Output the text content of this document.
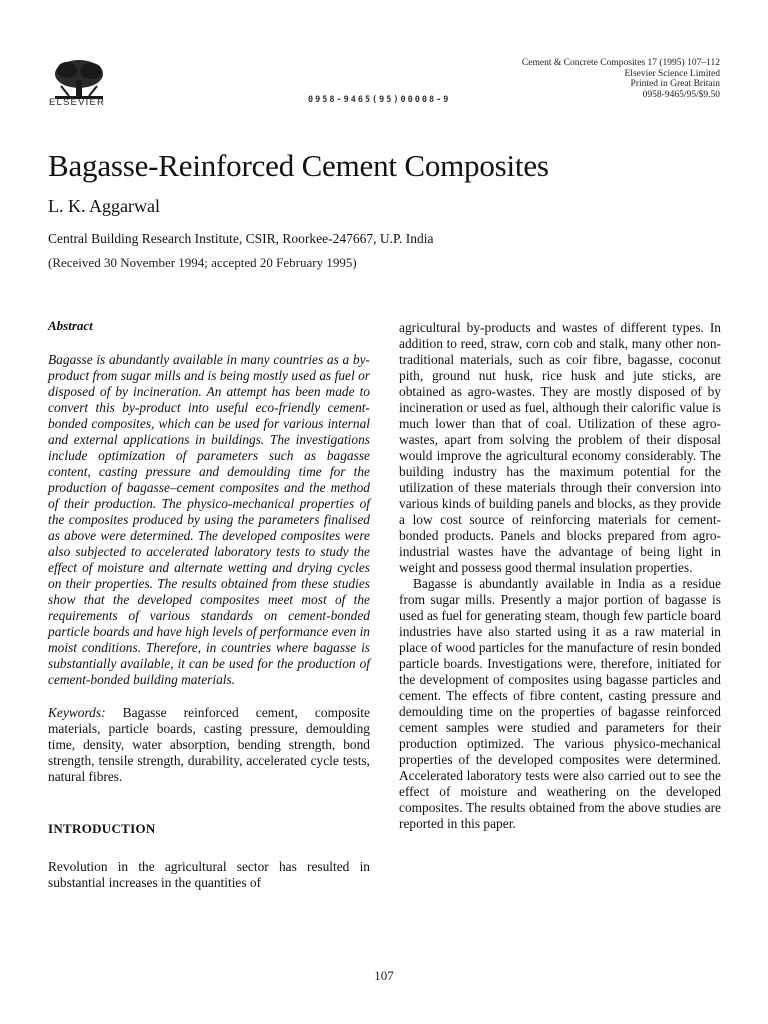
ELSEVIER	0958-9465(95)00008-9
Cement & Concrete Composites 17 (1995) 107–112
Elsevier Science Limited
Printed in Great Britain
0958-9465/95/$9.50
Bagasse-Reinforced Cement Composites
L. K. Aggarwal
Central Building Research Institute, CSIR, Roorkee-247667, U.P. India
(Received 30 November 1994; accepted 20 February 1995)
Abstract

Bagasse is abundantly available in many countries as a by-product from sugar mills and is being mostly used as fuel or disposed of by incineration. An attempt has been made to convert this by-product into useful eco-friendly cement-bonded composites, which can be used for various internal and external applications in buildings. The investigations include optimization of parameters such as bagasse content, casting pressure and demoulding time for the production of bagasse–cement composites and the method of their production. The physico-mechanical properties of the composites produced by using the parameters finalised as above were determined. The developed composites were also subjected to accelerated laboratory tests to study the effect of moisture and alternate wetting and drying cycles on their properties. The results obtained from these studies show that the developed composites meet most of the requirements of various standards on cement-bonded particle boards and have high levels of performance even in moist conditions. Therefore, in countries where bagasse is substantially available, it can be used for the production of cement-bonded building materials.

Keywords: Bagasse reinforced cement, composite materials, particle boards, casting pressure, demoulding time, density, water absorption, bending strength, bond strength, tensile strength, durability, accelerated cycle tests, natural fibres.

INTRODUCTION

Revolution in the agricultural sector has resulted in substantial increases in the quantities of

agricultural by-products and wastes of different types. In addition to reed, straw, corn cob and stalk, many other non-traditional materials, such as coir fibre, bagasse, coconut pith, ground nut husk, rice husk and jute sticks, are obtained as agro-wastes. They are mostly disposed of by incineration or used as fuel, although their calorific value is much lower than that of coal. Utilization of these agro-wastes, apart from solving the problem of their disposal would improve the agricultural economy considerably. The building industry has the maximum potential for the utilization of these materials through their conversion into various kinds of building panels and blocks, as they provide a low cost source of reinforcing materials for cement-bonded products. Panels and blocks prepared from agro-industrial wastes have the advantage of being light in weight and possess good thermal insulation properties.

Bagasse is abundantly available in India as a residue from sugar mills. Presently a major portion of bagasse is used as fuel for generating steam, though few particle board industries have also started using it as a raw material in place of wood particles for the manufacture of resin bonded particle boards. Investigations were, therefore, initiated for the development of composites using bagasse particles and cement. The effects of fibre content, casting pressure and demoulding time on the properties of bagasse reinforced cement samples were studied and parameters for their production optimized. The various physico-mechanical properties of the developed composites were determined. Accelerated laboratory tests were also carried out to see the effect of moisture and weathering on the developed composites. The results obtained from the above studies are reported in this paper.

107
